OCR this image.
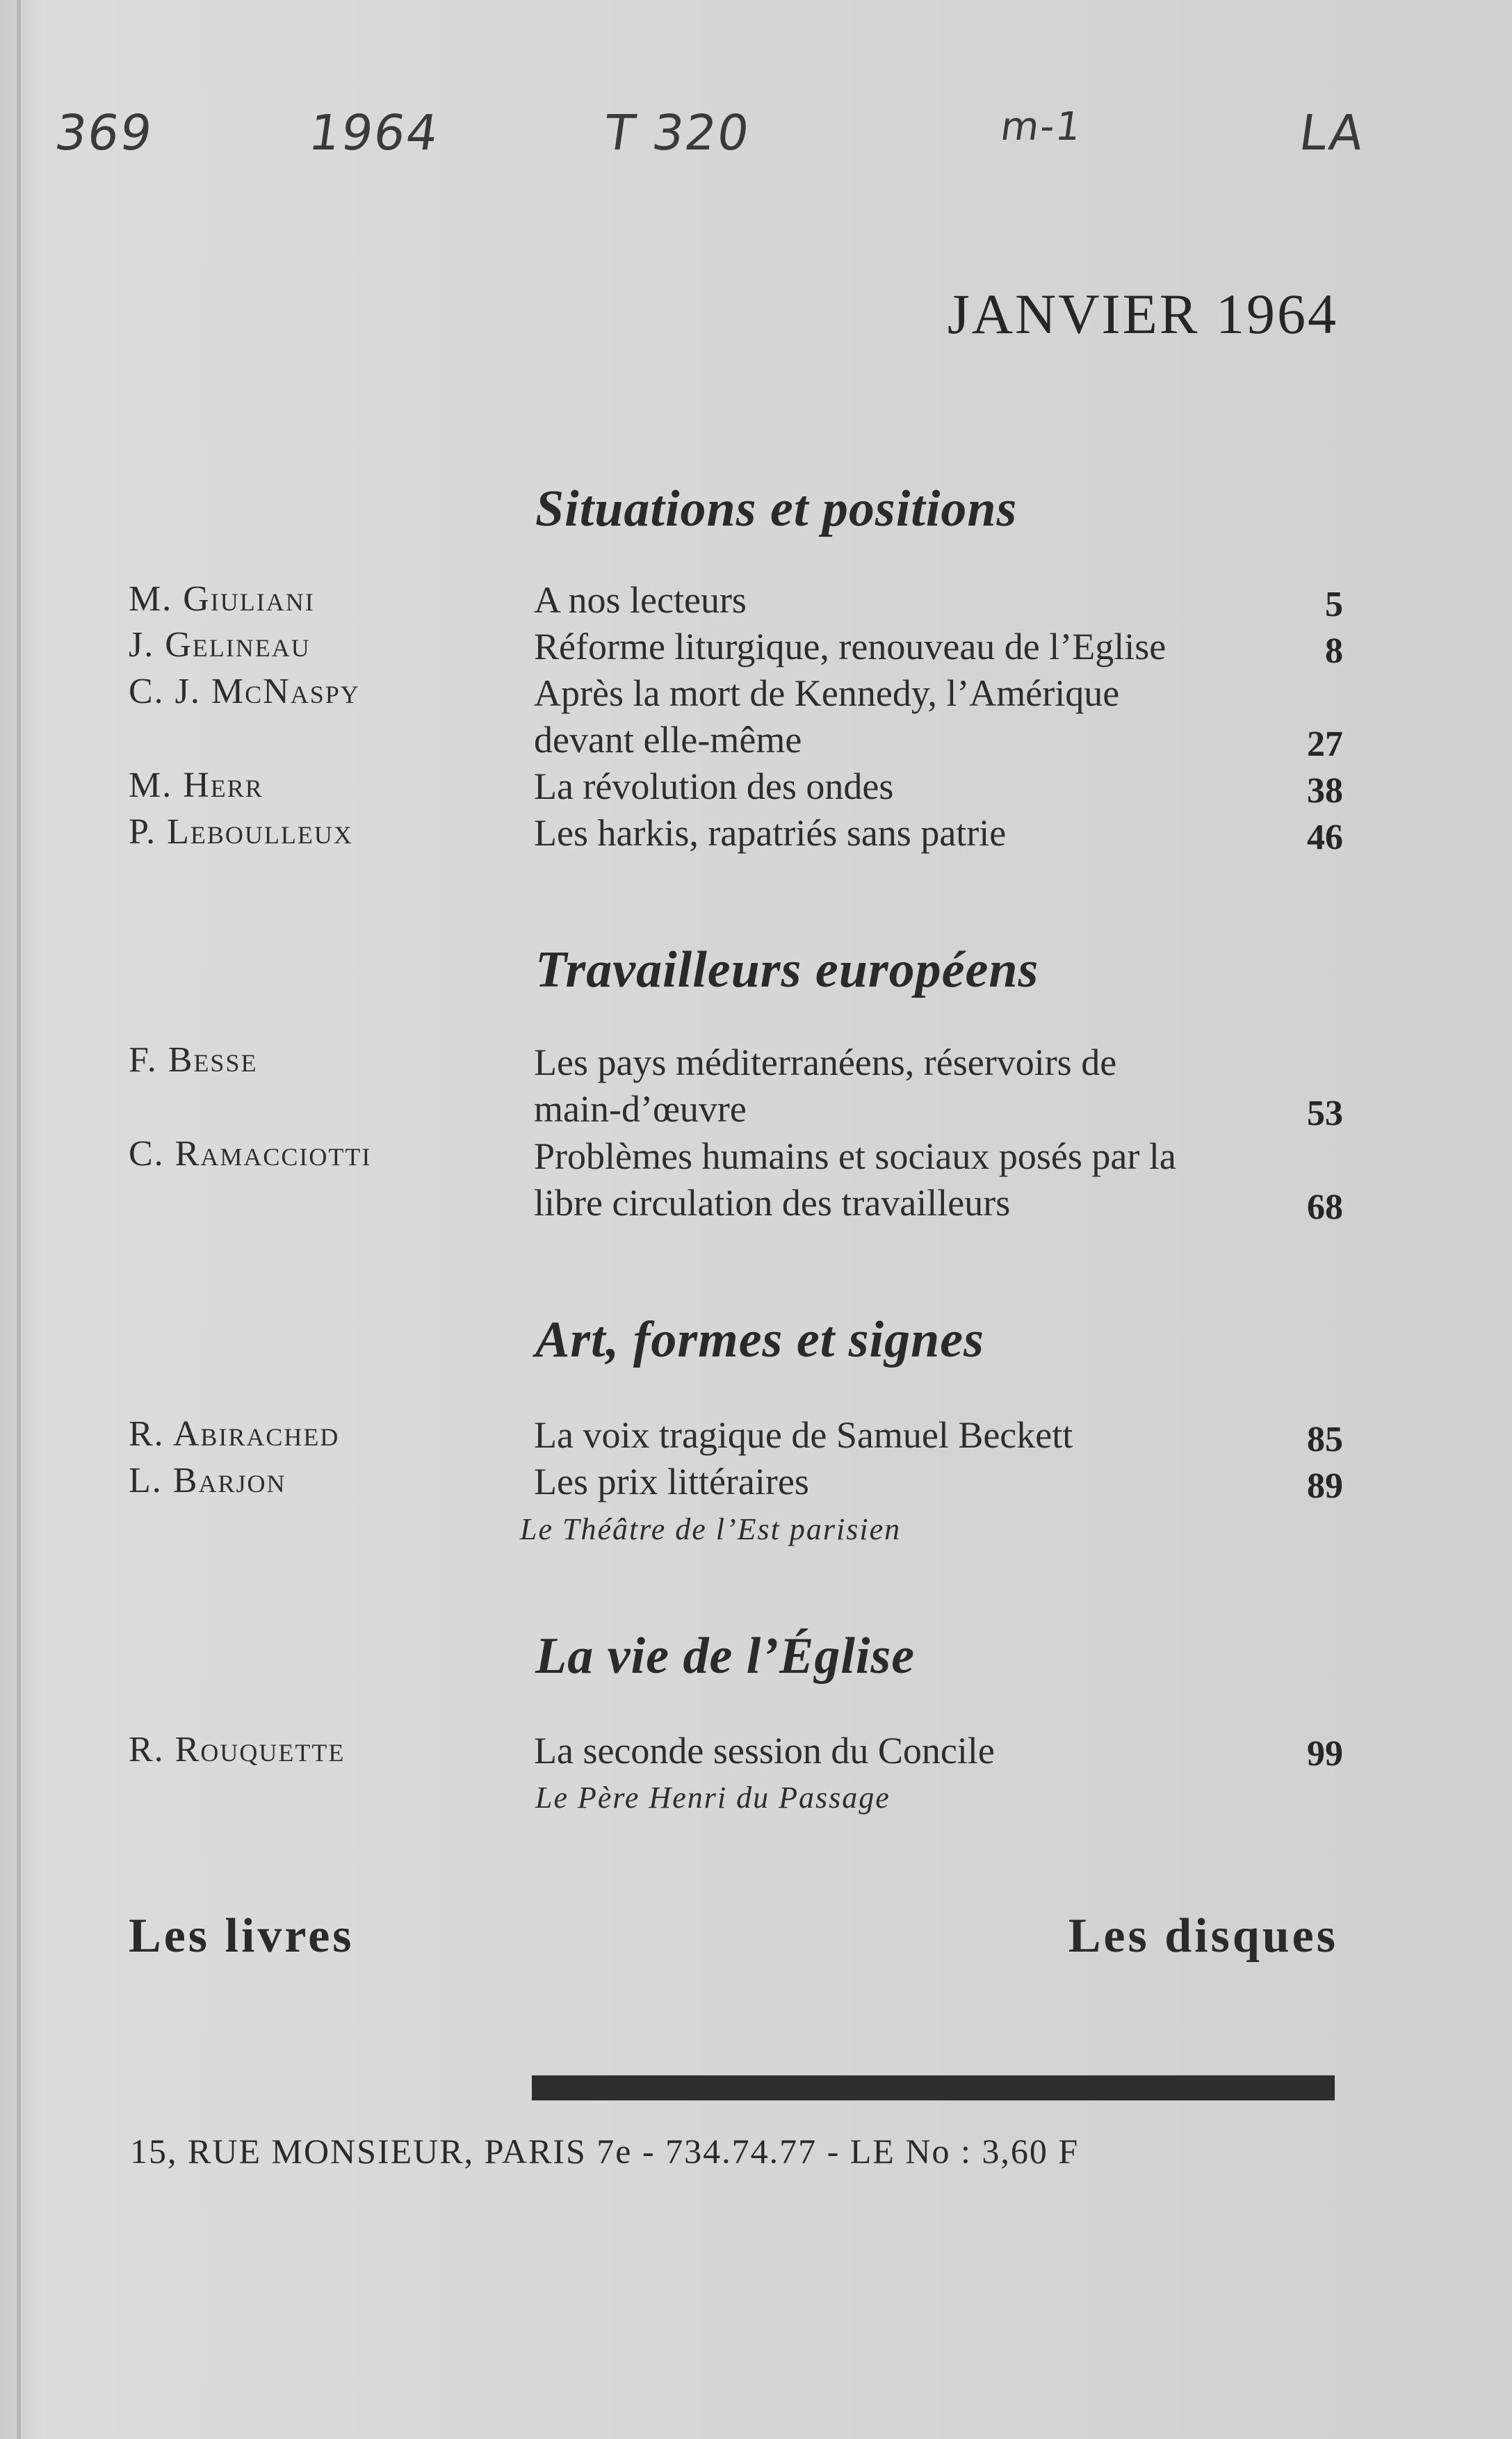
369	1964	T 320	m-1	LA
JANVIER 1964
Situations et positions
M. Giuliani	A nos lecteurs	5
J. Gelineau	Réforme liturgique, renouveau de l’Eglise	8
C. J. McNaspy	Après la mort de Kennedy, l’Amérique
devant elle-même	27
M. Herr	La révolution des ondes	38
P. Leboulleux	Les harkis, rapatriés sans patrie	46
Travailleurs européens
F. Besse	Les pays méditerranéens, réservoirs de
main-d’œuvre	53
C. Ramacciotti	Problèmes humains et sociaux posés par la
libre circulation des travailleurs	68
Art, formes et signes
R. Abirached	La voix tragique de Samuel Beckett	85
L. Barjon	Les prix littéraires	89
Le Théâtre de l’Est parisien
La vie de l’Église
R. Rouquette	La seconde session du Concile	99
Le Père Henri du Passage
Les livres	Les disques
15, RUE MONSIEUR, PARIS 7e - 734.74.77 - LE No : 3,60 F
